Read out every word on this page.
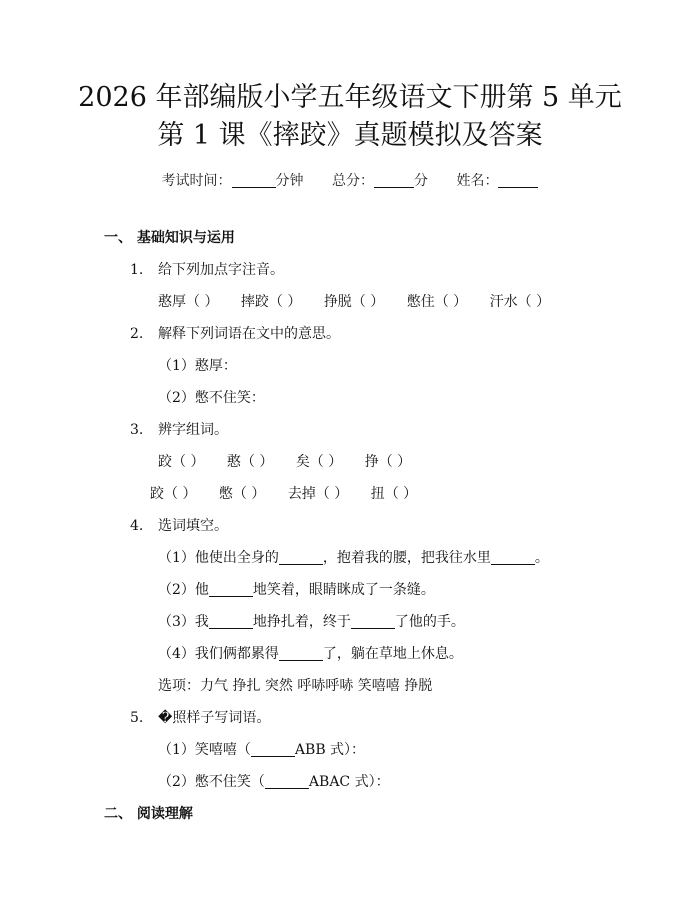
2026 年部编版小学五年级语文下册第 5 单元
第 1 课《摔跤》真题模拟及答案
考试时间：	分钟 总分：	分 姓名：
一、 基础知识与运用
1. 给下列加点字注音。
憨厚（ ） 摔跤（ ） 挣脱（ ） 憋住（ ） 汗水（ ）
2. 解释下列词语在文中的意思。
（1）憨厚：
（2）憋不住笑：
3. 辨字组词。
跤（ ） 憨（ ） 矣（ ） 挣（ ）
跤（ ） 憋（ ） 去掉（ ） 扭（ ）
4. 选词填空。
（1）他使出全身的	，抱着我的腰，把我往水里	。
（2）他	地笑着，眼睛眯成了一条缝。
（3）我	地挣扎着，终于	了他的手。
（4）我们俩都累得	了，躺在草地上休息。
选项：力气 挣扎 突然 呼哧呼哧 笑嘻嘻 挣脱
5. �照样子写词语。
（1）笑嘻嘻（	ABB 式）：
（2）憋不住笑（	ABAC 式）：
二、 阅读理解
